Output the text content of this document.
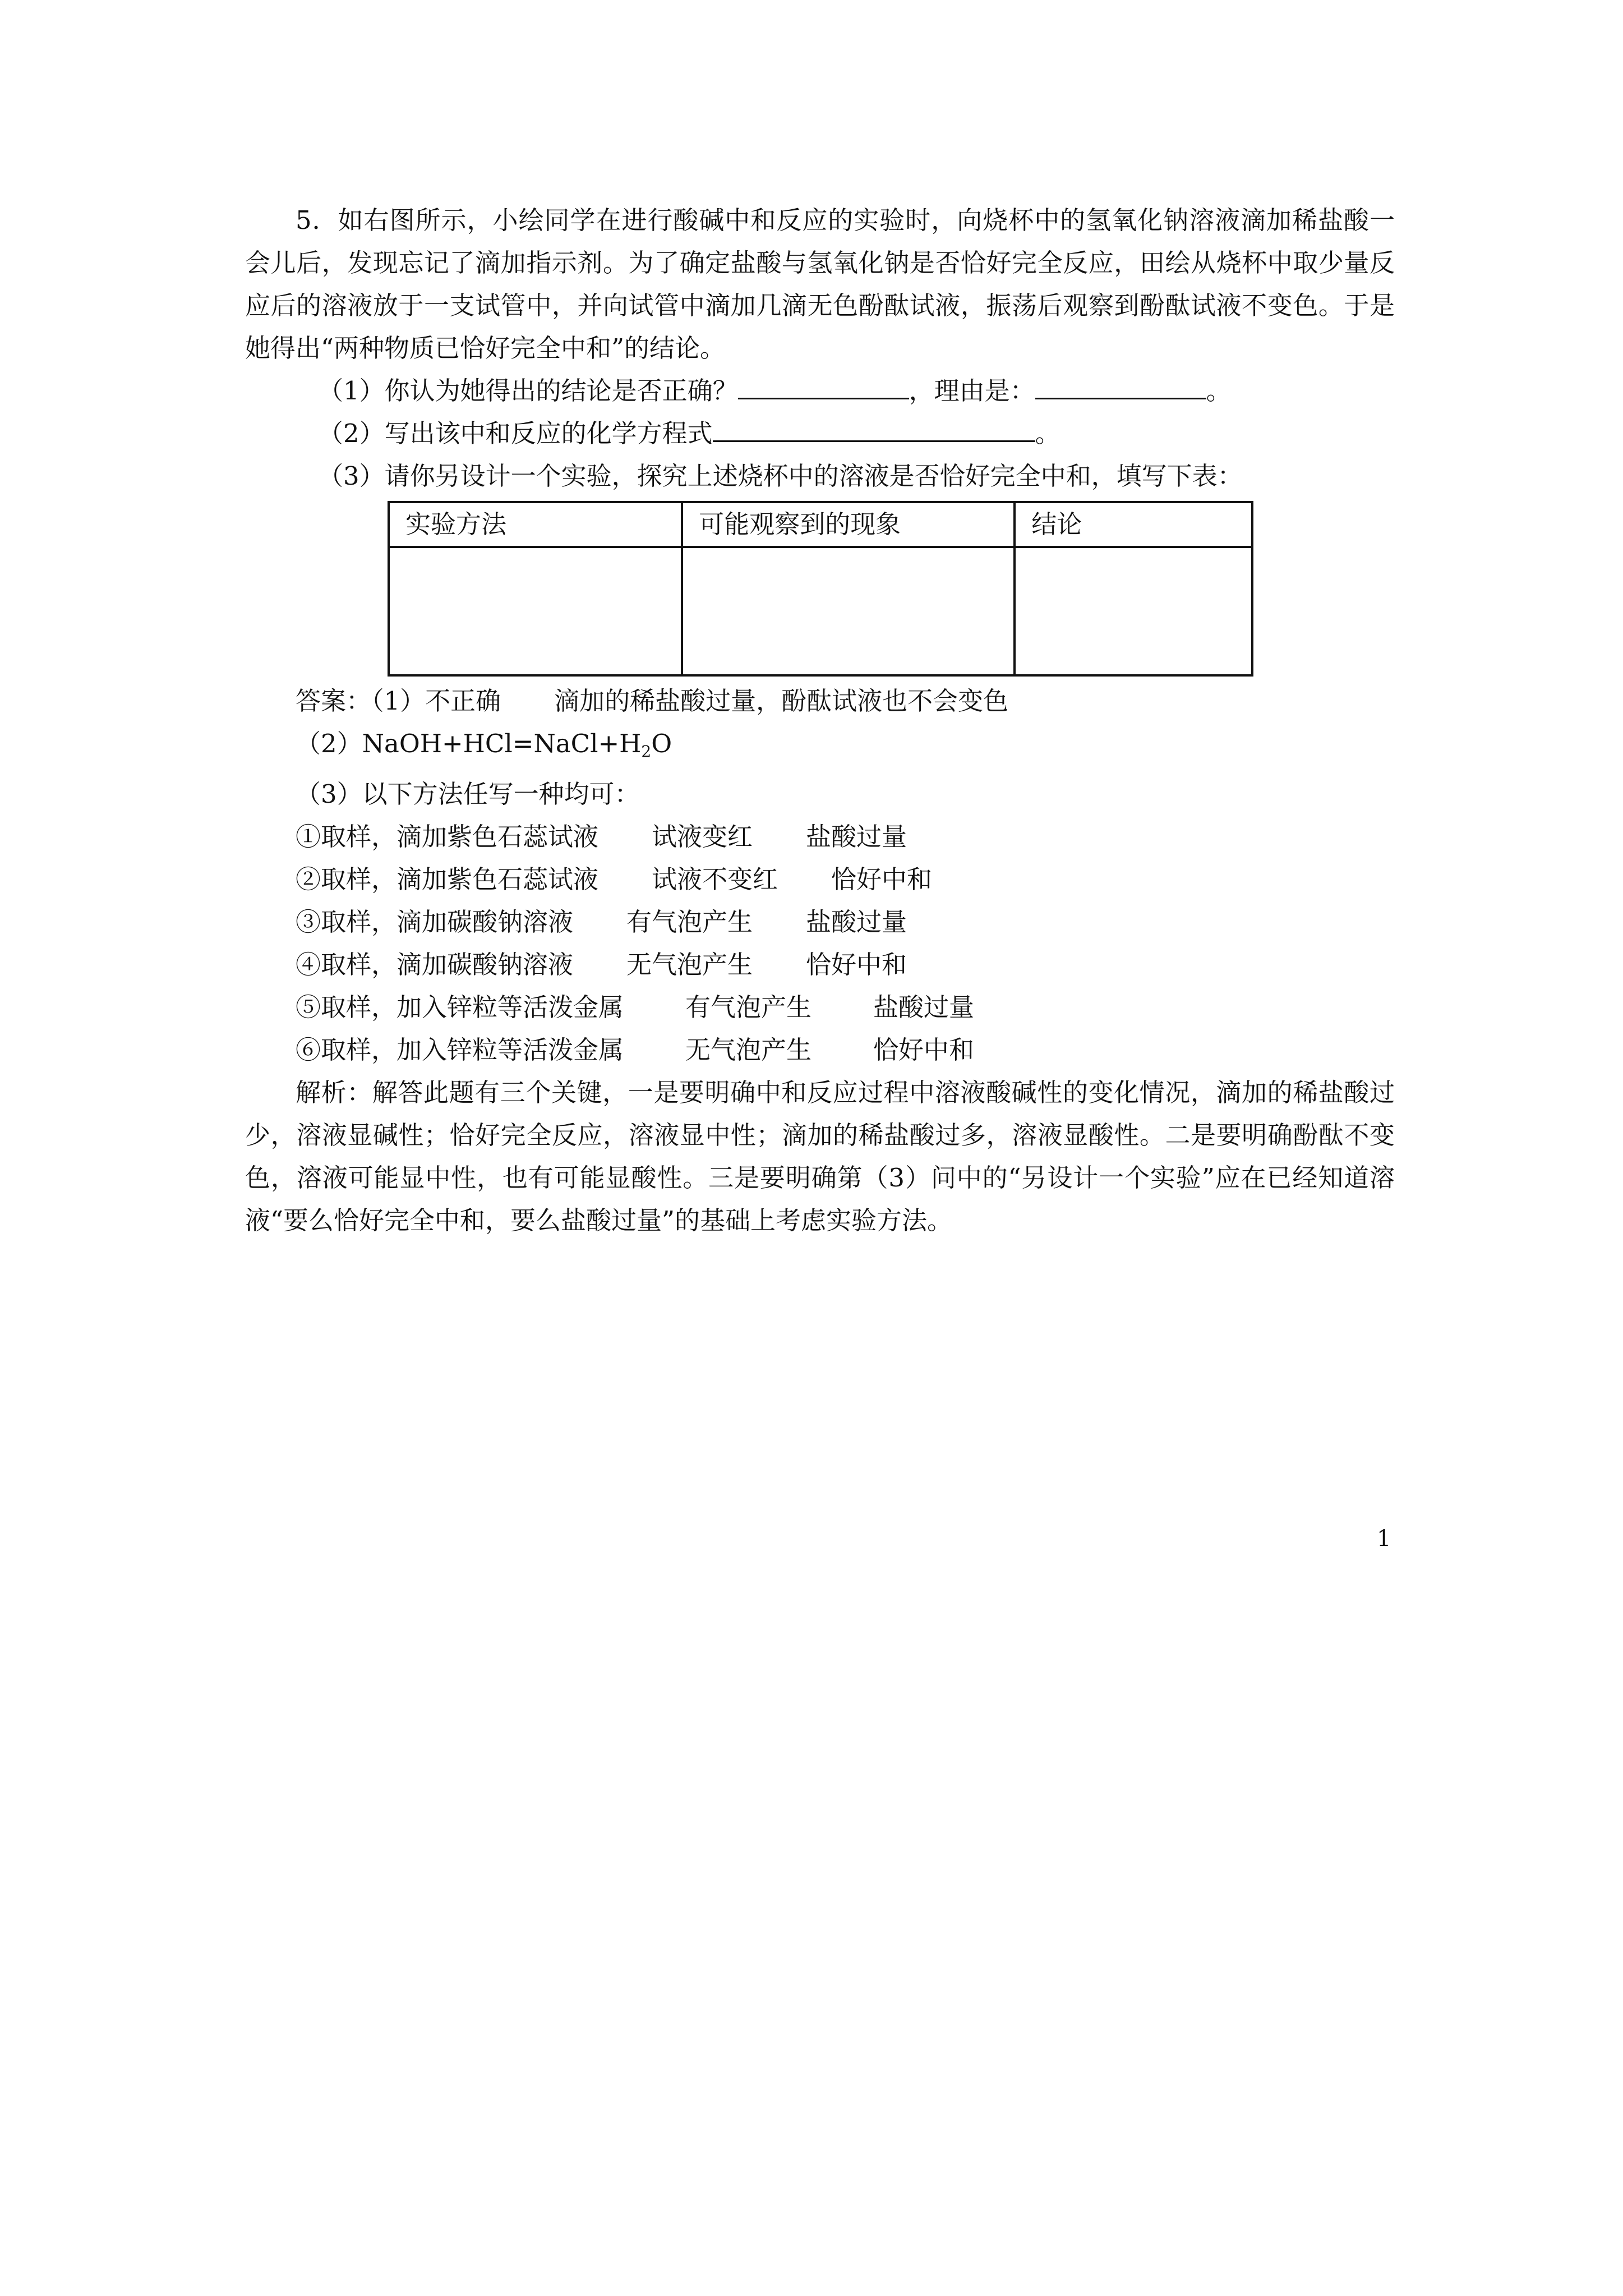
5．如右图所示，小绘同学在进行酸碱中和反应的实验时，向烧杯中的氢氧化钠溶液滴加稀盐酸一会儿后，发现忘记了滴加指示剂。为了确定盐酸与氢氧化钠是否恰好完全反应，田绘从烧杯中取少量反应后的溶液放于一支试管中，并向试管中滴加几滴无色酚酞试液，振荡后观察到酚酞试液不变色。于是她得出“两种物质已恰好完全中和”的结论。

（1）你认为她得出的结论是否正确？	，理由是：	。

（2）写出该中和反应的化学方程式	。

（3）请你另设计一个实验，探究上述烧杯中的溶液是否恰好完全中和，填写下表：

实验方法	可能观察到的现象	结论

答案：（1）不正确 滴加的稀盐酸过量，酚酞试液也不会变色

$(2)NaOH+HCl=NaCl+H_2O$

（3）以下方法任写一种均可：

①取样，滴加紫色石蕊试液 试液变红 盐酸过量

②取样，滴加紫色石蕊试液 试液不变红 恰好中和

③取样，滴加碳酸钠溶液 有气泡产生 盐酸过量

④取样，滴加碳酸钠溶液 无气泡产生 恰好中和

⑤取样，加入锌粒等活泼金属 有气泡产生 盐酸过量

⑥取样，加入锌粒等活泼金属 无气泡产生 恰好中和

解析：解答此题有三个关键，一是要明确中和反应过程中溶液酸碱性的变化情况，滴加的稀盐酸过少，溶液显碱性；恰好完全反应，溶液显中性；滴加的稀盐酸过多，溶液显酸性。二是要明确酚酞不变色，溶液可能显中性，也有可能显酸性。三是要明确第（3）问中的“另设计一个实验”应在已经知道溶液“要么恰好完全中和，要么盐酸过量”的基础上考虑实验方法。

1
